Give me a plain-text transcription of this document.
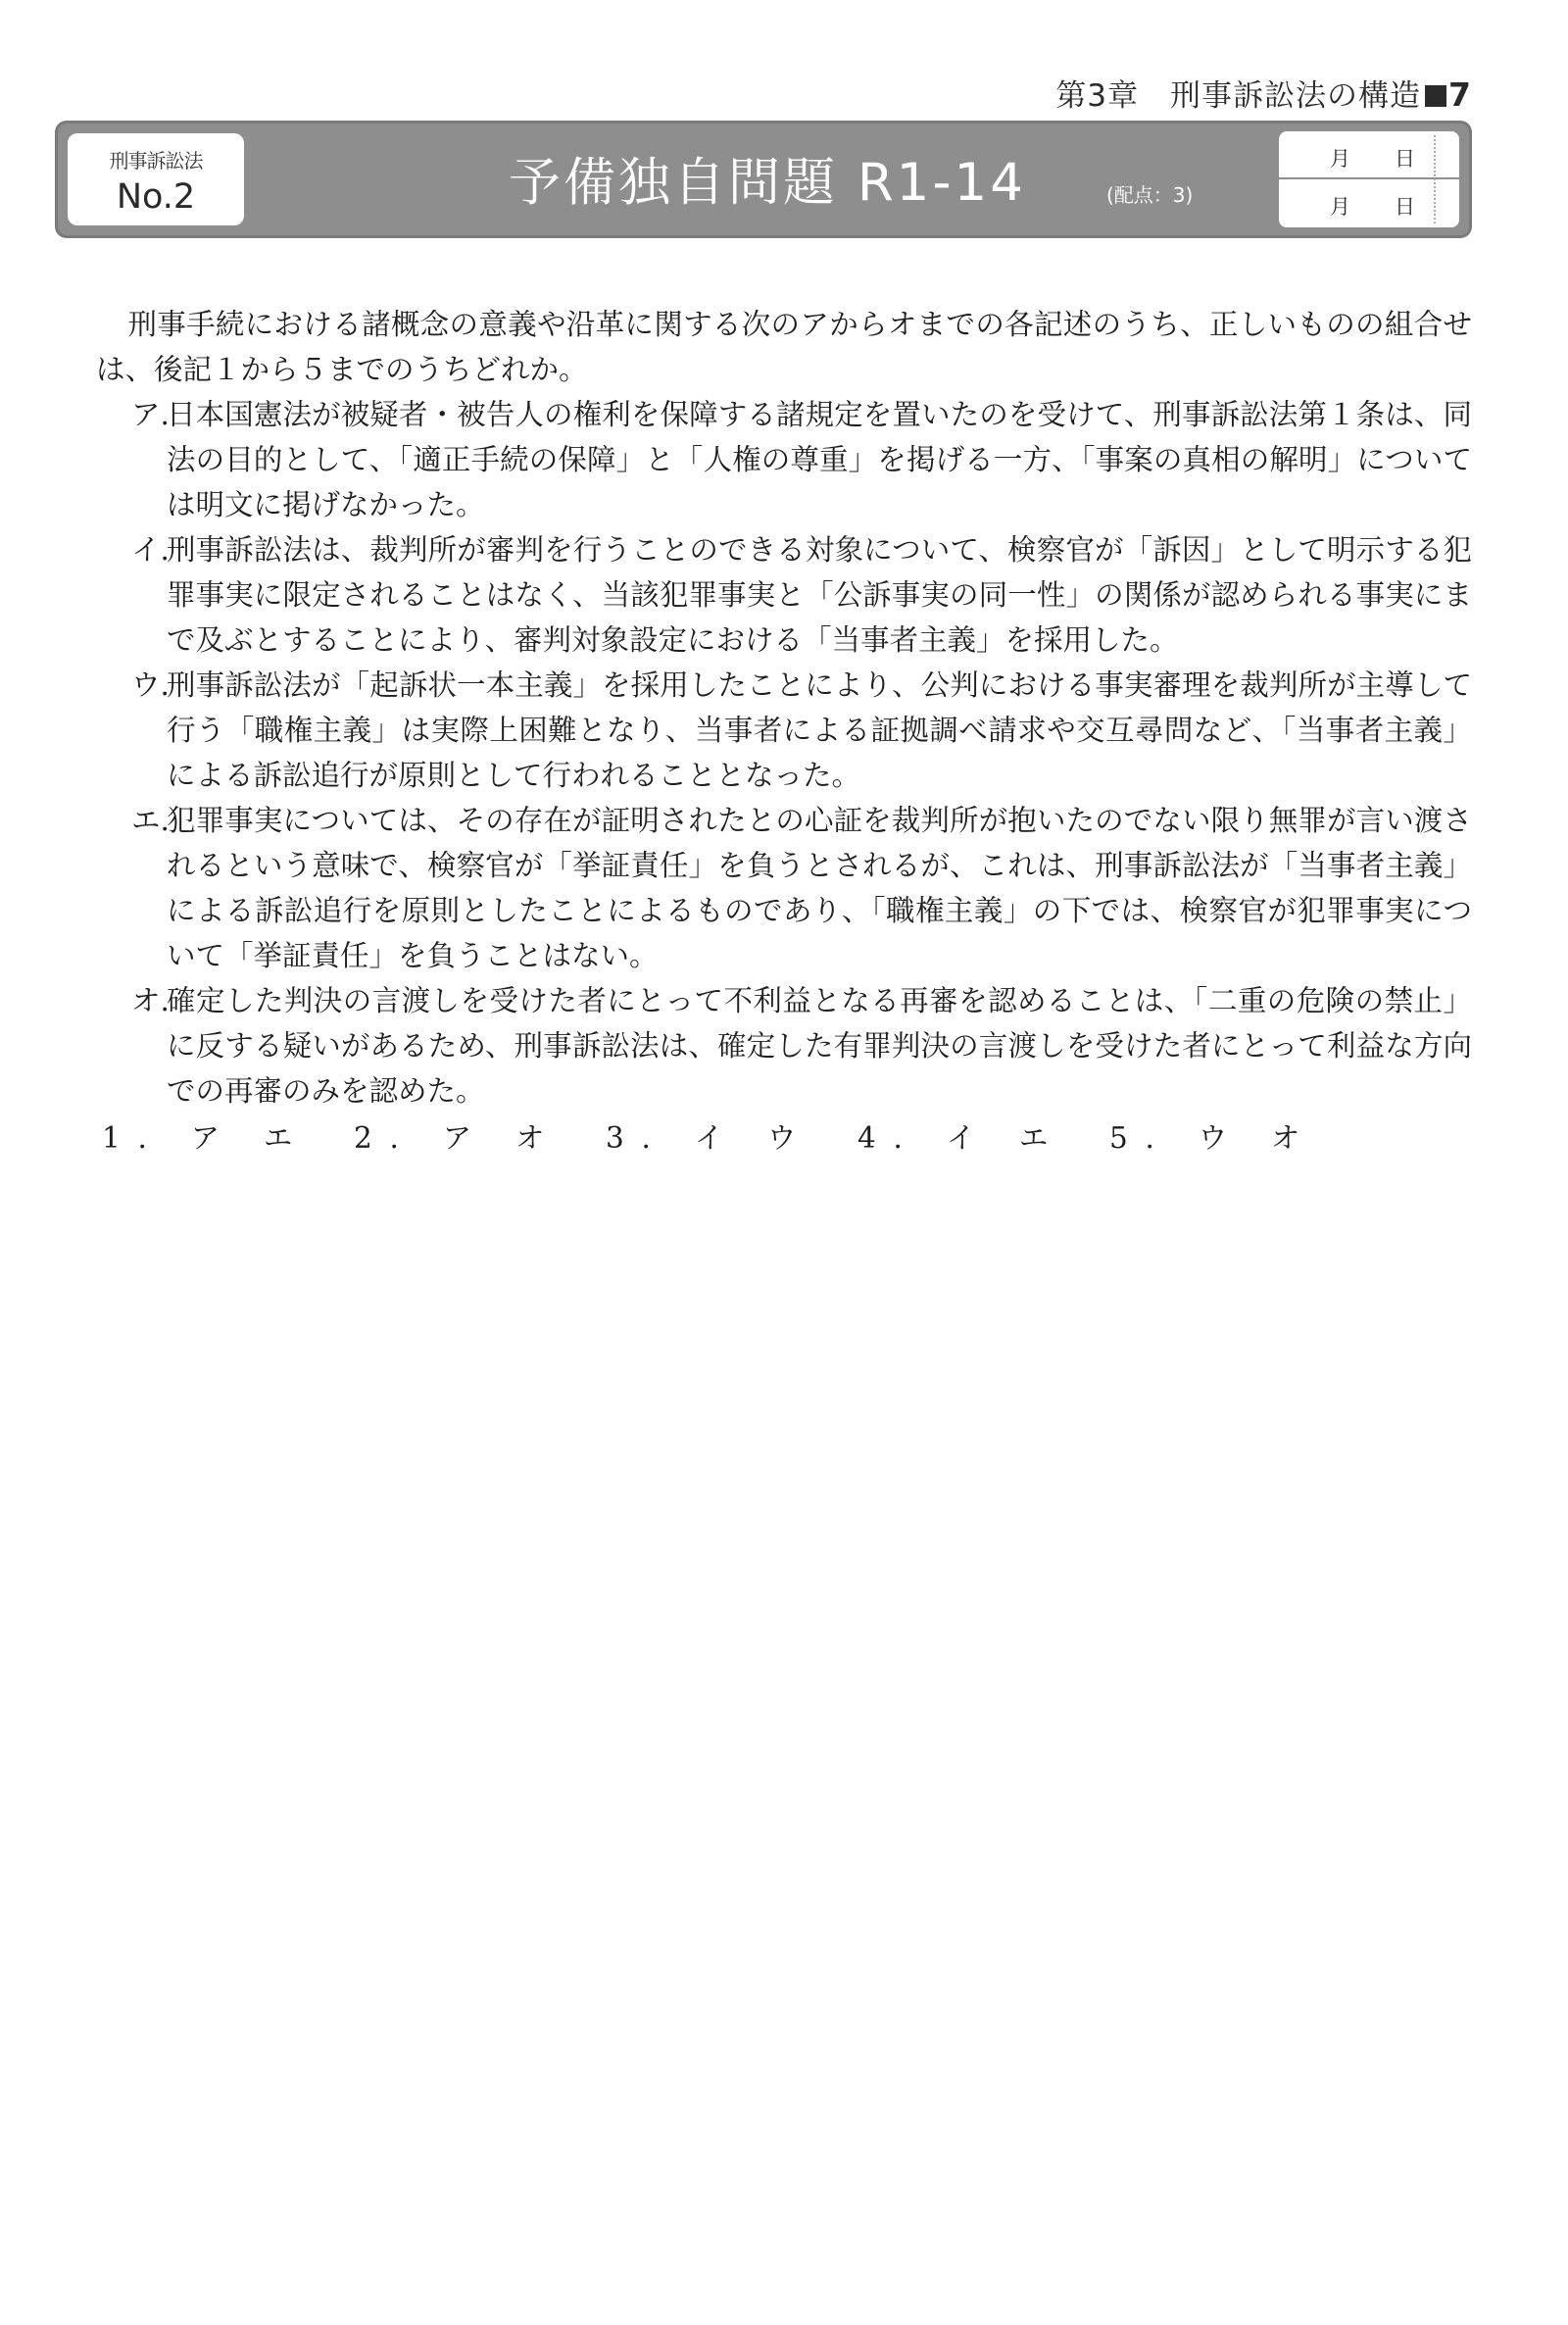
第3章　刑事訴訟法の構造 7
刑事訴訟法
No.2	予備独自問題 R1-14	(配点：3)
月 日
月 日

刑事手続における諸概念の意義や沿革に関する次のアからオまでの各記述のうち、正しいものの組合せは、後記１から５までのうちどれか。

ア.
日本国憲法が被疑者・被告人の権利を保障する諸規定を置いたのを受けて、刑事訴訟法第１条は、同法の目的として、「適正手続の保障」と「人権の尊重」を掲げる一方、「事案の真相の解明」については明文に掲げなかった。
イ.
刑事訴訟法は、裁判所が審判を行うことのできる対象について、検察官が「訴因」として明示する犯罪事実に限定されることはなく、当該犯罪事実と「公訴事実の同一性」の関係が認められる事実にまで及ぶとすることにより、審判対象設定における「当事者主義」を採用した。
ウ.
刑事訴訟法が「起訴状一本主義」を採用したことにより、公判における事実審理を裁判所が主導して行う「職権主義」は実際上困難となり、当事者による証拠調べ請求や交互尋問など、「当事者主義」による訴訟追行が原則として行われることとなった。
エ.
犯罪事実については、その存在が証明されたとの心証を裁判所が抱いたのでない限り無罪が言い渡されるという意味で、検察官が「挙証責任」を負うとされるが、これは、刑事訴訟法が「当事者主義」による訴訟追行を原則としたことによるものであり、「職権主義」の下では、検察官が犯罪事実について「挙証責任」を負うことはない。
オ.
確定した判決の言渡しを受けた者にとって不利益となる再審を認めることは、「二重の危険の禁止」に反する疑いがあるため、刑事訴訟法は、確定した有罪判決の言渡しを受けた者にとって利益な方向での再審のみを認めた。
1. ア エ 2. ア オ 3. イ ウ 4. イ エ 5. ウ オ
